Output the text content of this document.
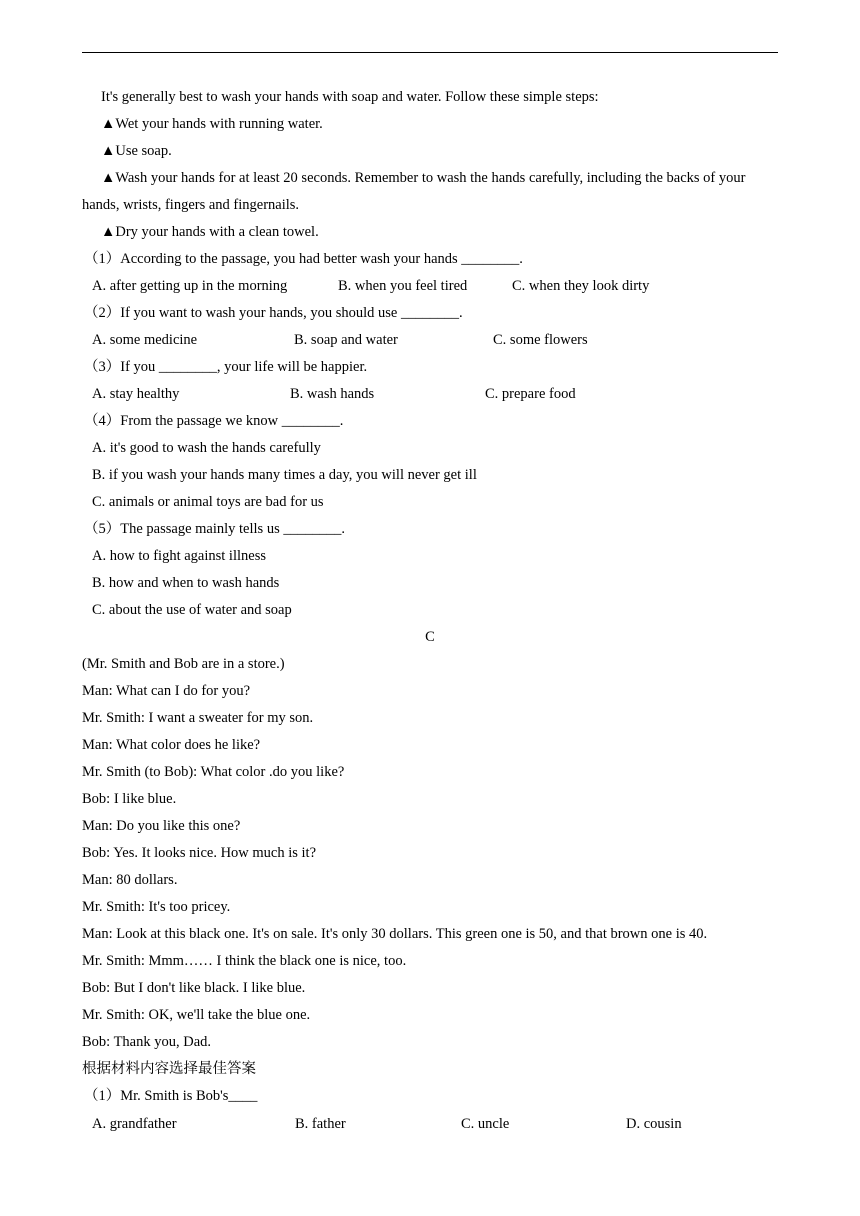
It's generally best to wash your hands with soap and water. Follow these simple steps:
▲Wet your hands with running water.
▲Use soap.
▲Wash your hands for at least 20 seconds. Remember to wash the hands carefully, including the backs of your
hands, wrists, fingers and fingernails.
▲Dry your hands with a clean towel.
（1）According to the passage, you had better wash your hands ________.
A. after getting up in the morning	B. when you feel tired	C. when they look dirty
（2）If you want to wash your hands, you should use ________.
A. some medicine	B. soap and water	C. some flowers
（3）If you ________, your life will be happier.
A. stay healthy	B. wash hands	C. prepare food
（4）From the passage we know ________.
A. it's good to wash the hands carefully
B. if you wash your hands many times a day, you will never get ill
C. animals or animal toys are bad for us
（5）The passage mainly tells us ________.
A. how to fight against illness
B. how and when to wash hands
C. about the use of water and soap
C
(Mr. Smith and Bob are in a store.)
Man: What can I do for you?
Mr. Smith: I want a sweater for my son.
Man: What color does he like?
Mr. Smith (to Bob): What color .do you like?
Bob: I like blue.
Man: Do you like this one?
Bob: Yes. It looks nice. How much is it?
Man: 80 dollars.
Mr. Smith: It's too pricey.
Man: Look at this black one. It's on sale. It's only 30 dollars. This green one is 50, and that brown one is 40.
Mr. Smith: Mmm…… I think the black one is nice, too.
Bob: But I don't like black. I like blue.
Mr. Smith: OK, we'll take the blue one.
Bob: Thank you, Dad.
根据材料内容选择最佳答案
（1）Mr. Smith is Bob's____
A. grandfather	B. father	C. uncle	D. cousin
